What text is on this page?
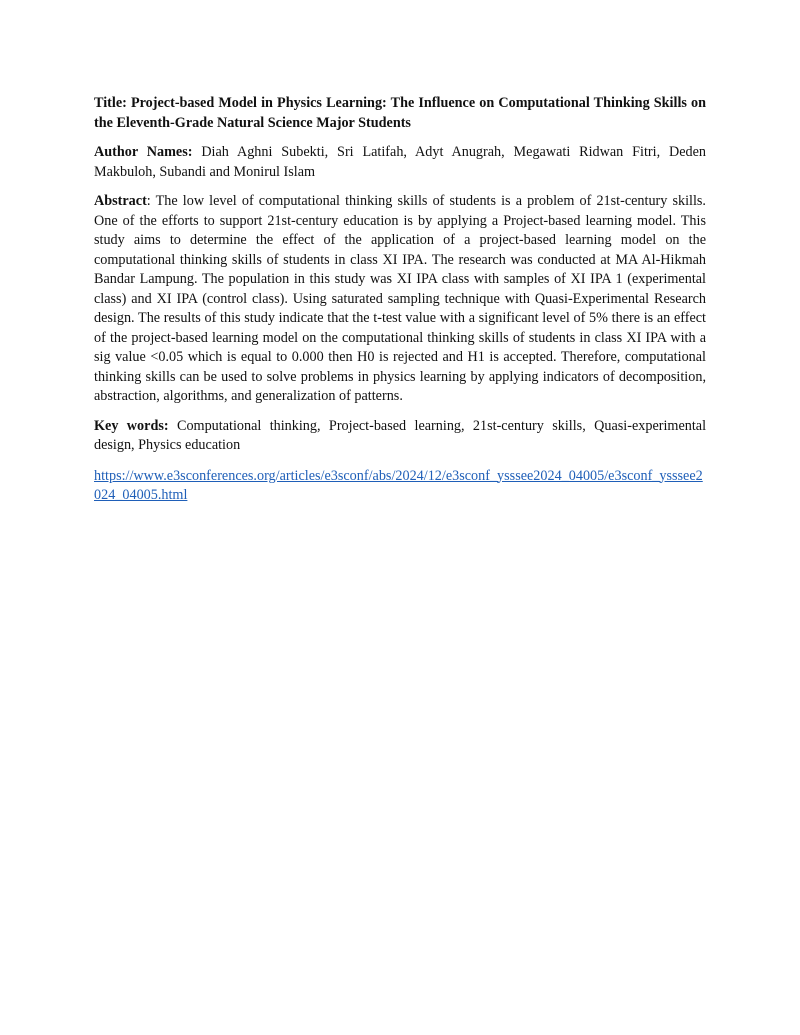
Title: Project-based Model in Physics Learning: The Influence on Computational Thinking Skills on the Eleventh-Grade Natural Science Major Students

Author Names: Diah Aghni Subekti, Sri Latifah, Adyt Anugrah, Megawati Ridwan Fitri, Deden Makbuloh, Subandi and Monirul Islam

Abstract: The low level of computational thinking skills of students is a problem of 21st-century skills. One of the efforts to support 21st-century education is by applying a Project-based learning model. This study aims to determine the effect of the application of a project-based learning model on the computational thinking skills of students in class XI IPA. The research was conducted at MA Al-Hikmah Bandar Lampung. The population in this study was XI IPA class with samples of XI IPA 1 (experimental class) and XI IPA (control class). Using saturated sampling technique with Quasi-Experimental Research design. The results of this study indicate that the t-test value with a significant level of 5% there is an effect of the project-based learning model on the computational thinking skills of students in class XI IPA with a sig value <0.05 which is equal to 0.000 then H0 is rejected and H1 is accepted. Therefore, computational thinking skills can be used to solve problems in physics learning by applying indicators of decomposition, abstraction, algorithms, and generalization of patterns.

Key words: Computational thinking, Project-based learning, 21st-century skills, Quasi-experimental design, Physics education

https://www.e3sconferences.org/articles/e3sconf/abs/2024/12/e3sconf_ysssee2024_04005/e3sconf_ysssee2024_04005.html
